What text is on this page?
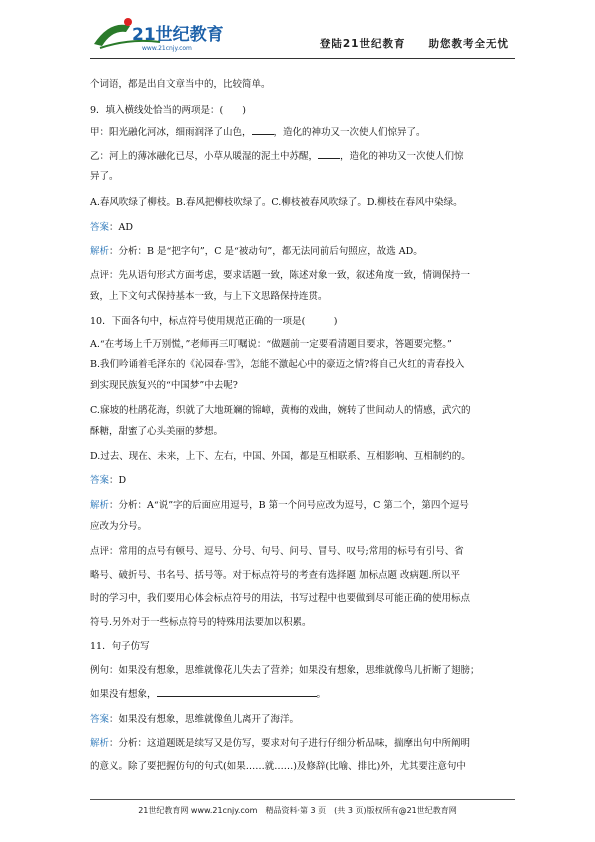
21世纪教育
www.21cnjy.com	登陆21世纪教育　　助您教考全无忧
个词语，都是出自文章当中的，比较简单。
9．填入横线处恰当的两项是：(　　)
甲：阳光融化河冰，细雨润泽了山色， ，造化的神功又一次使人们惊异了。
乙：河上的薄冰融化已尽，小草从暖湿的泥土中苏醒， ，造化的神功又一次使人们惊
异了。
A.春风吹绿了柳枝。B.春风把柳枝吹绿了。C.柳枝被春风吹绿了。D.柳枝在春风中染绿。
答案：AD
解析：分析：B 是“把字句”，C 是“被动句”，都无法同前后句照应，故选 AD。
点评：先从语句形式方面考虑，要求话题一致，陈述对象一致，叙述角度一致，情调保持一
致，上下文句式保持基本一致，与上下文思路保持连贯。
10．下面各句中，标点符号使用规范正确的一项是(　　　)
A.“在考场上千万别慌，”老师再三叮嘱说：“做题前一定要看清题目要求，答题要完整。”
B.我们吟诵着毛泽东的《沁园春·雪》，怎能不激起心中的豪迈之情?将自己火红的青春投入
到实现民族复兴的“中国梦”中去呢?
C.寐坡的杜鹃花海，织就了大地斑斓的锦嶂，黄梅的戏曲，婉转了世间动人的情感，武穴的
酥糖，甜蜜了心头美丽的梦想。
D.过去、现在、未来，上下、左右，中国、外国，都是互相联系、互相影响、互相制约的。
答案：D
解析：分析：A“说”字的后面应用逗号，B 第一个问号应改为逗号，C 第二个，第四个逗号
应改为分号。
点评：常用的点号有顿号、逗号、分号、句号、问号、冒号、叹号;常用的标号有引号、省
略号、破折号、书名号、括号等。对于标点符号的考查有选择题 加标点题 改病题.所以平
时的学习中，我们要用心体会标点符号的用法，书写过程中也要做到尽可能正确的使用标点
符号.另外对于一些标点符号的特殊用法要加以积累。
11．句子仿写
例句：如果没有想象，思维就像花儿失去了营养；如果没有想象，思维就像鸟儿折断了翅膀；
如果没有想象，	。
答案：如果没有想象，思维就像鱼儿离开了海洋。
解析：分析：这道题既是续写又是仿写，要求对句子进行仔细分析品味，揣摩出句中所阐明
的意义。除了要把握仿句的句式(如果……就……)及修辞(比喻、排比)外，尤其要注意句中
21世纪教育网 www.21cnjy.com　精品资料·第 3 页　(共 3 页)版权所有@21世纪教育网
